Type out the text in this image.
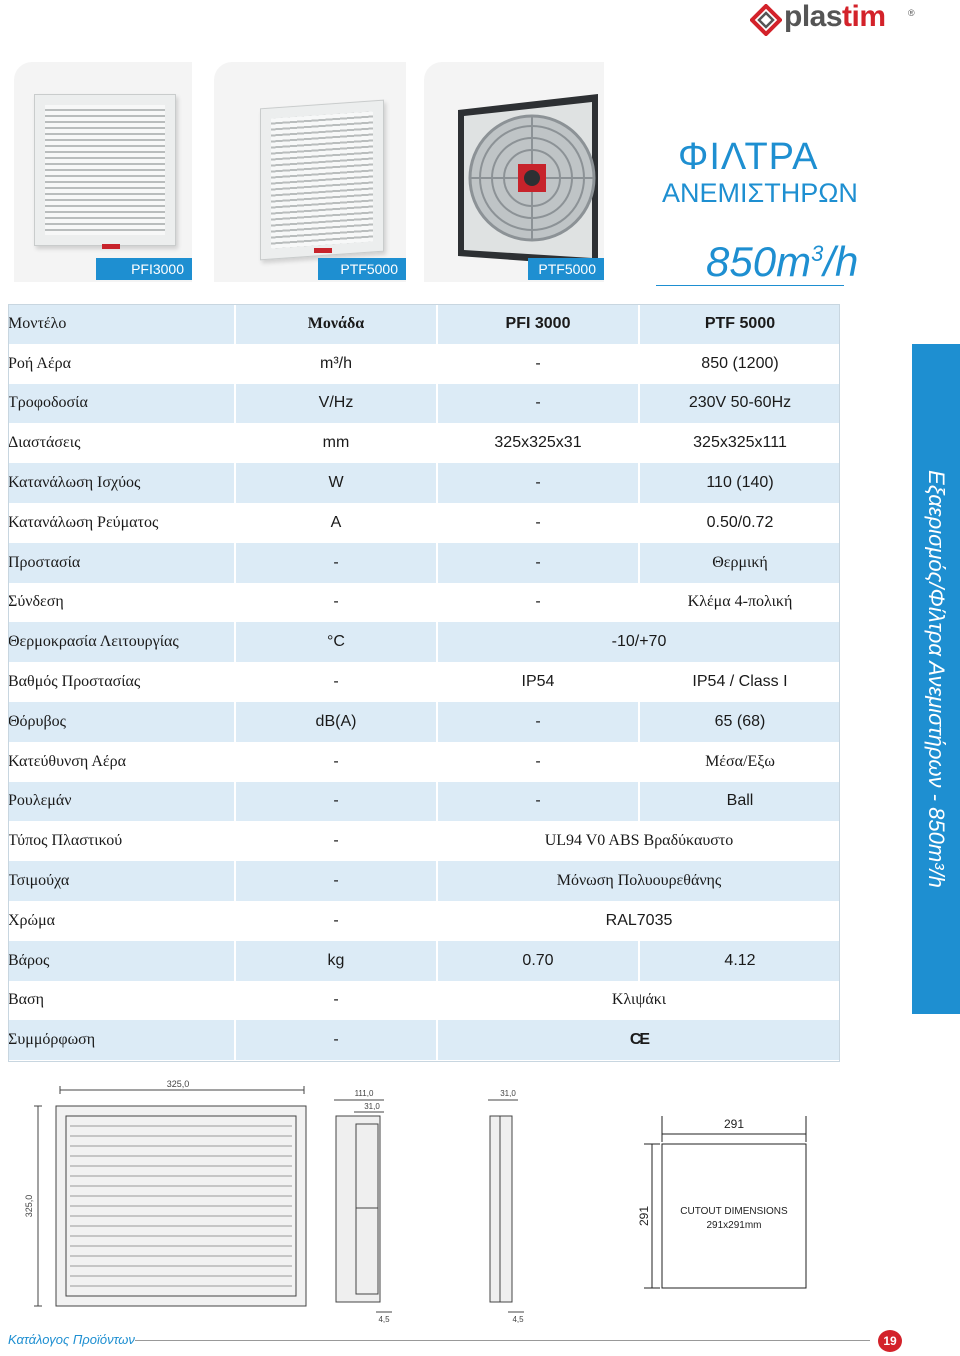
plastim ®
PFI3000	PTF5000	PTF5000
ΦΙΛΤΡΑ
ΑΝΕΜΙΣΤΗΡΩΝ
$850m^3/h$
Εξαερισμός/Φίλτρα Ανεμιστήρων - 850m³/h
Μοντέλο	Μονάδα	PFI 3000	PTF 5000
Ροή Αέρα	m³/h	-	850 (1200)
Τροφοδοσία	V/Hz	-	230V 50-60Hz
Διαστάσεις	mm	325x325x31	325x325x111
Κατανάλωση Ισχύος	W	-	110 (140)
Κατανάλωση Ρεύματος	A	-	0.50/0.72
Προστασία	-	-	Θερμική
Σύνδεση	-	-	Κλέμα 4-πολική
Θερμοκρασία Λειτουργίας	°C	-10/+70	
Βαθμός Προστασίας	-	IP54	IP54 / Class I
Θόρυβος	dB(A)	-	65 (68)
Κατεύθυνση Αέρα	-	-	Μέσα/Εξω
Ρουλεμάν	-	-	Ball
Τύπος Πλαστικού	-	UL94 V0 ABS Βραδύκαυστο	
Τσιμούχα	-	Μόνωση Πολυουρεθάνης	
Χρώμα	-	RAL7035	
Βάρος	kg	0.70	4.12
Βαση	-	Κλιψάκι	
Συμμόρφωση	-	CE	
325,0
325,0
111,0
31,0
4,5
31,0
4,5
291
291	CUTOUT DIMENSIONS
291x291mm
Κατάλογος Προϊόντων	19
